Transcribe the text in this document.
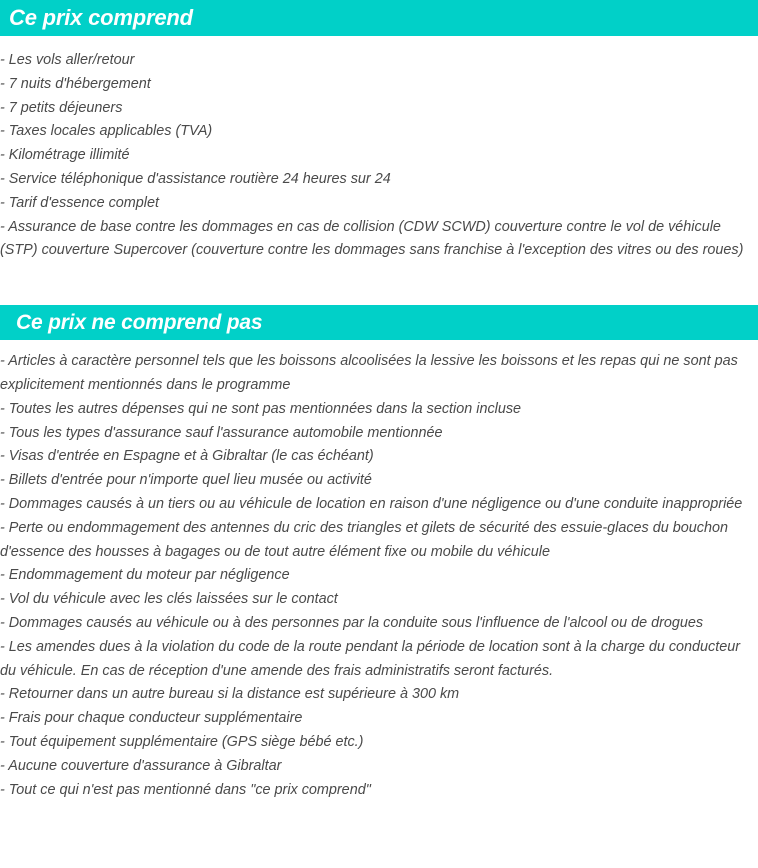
Ce prix comprend
- Les vols aller/retour
- 7 nuits d'hébergement
- 7 petits déjeuners
- Taxes locales applicables (TVA)
- Kilométrage illimité
- Service téléphonique d'assistance routière 24 heures sur 24
- Tarif d'essence complet
- Assurance de base contre les dommages en cas de collision (CDW SCWD) couverture contre le vol de véhicule (STP) couverture Supercover (couverture contre les dommages sans franchise à l'exception des vitres ou des roues)
Ce prix ne comprend pas
- Articles à caractère personnel tels que les boissons alcoolisées la lessive les boissons et les repas qui ne sont pas explicitement mentionnés dans le programme
- Toutes les autres dépenses qui ne sont pas mentionnées dans la section incluse
- Tous les types d'assurance sauf l'assurance automobile mentionnée
- Visas d'entrée en Espagne et à Gibraltar (le cas échéant)
- Billets d'entrée pour n'importe quel lieu musée ou activité
- Dommages causés à un tiers ou au véhicule de location en raison d'une négligence ou d'une conduite inappropriée
- Perte ou endommagement des antennes du cric des triangles et gilets de sécurité des essuie-glaces du bouchon d'essence des housses à bagages ou de tout autre élément fixe ou mobile du véhicule
- Endommagement du moteur par négligence
- Vol du véhicule avec les clés laissées sur le contact
- Dommages causés au véhicule ou à des personnes par la conduite sous l'influence de l'alcool ou de drogues
- Les amendes dues à la violation du code de la route pendant la période de location sont à la charge du conducteur du véhicule. En cas de réception d'une amende des frais administratifs seront facturés.
- Retourner dans un autre bureau si la distance est supérieure à 300 km
- Frais pour chaque conducteur supplémentaire
- Tout équipement supplémentaire (GPS siège bébé etc.)
- Aucune couverture d'assurance à Gibraltar
- Tout ce qui n'est pas mentionné dans "ce prix comprend"
